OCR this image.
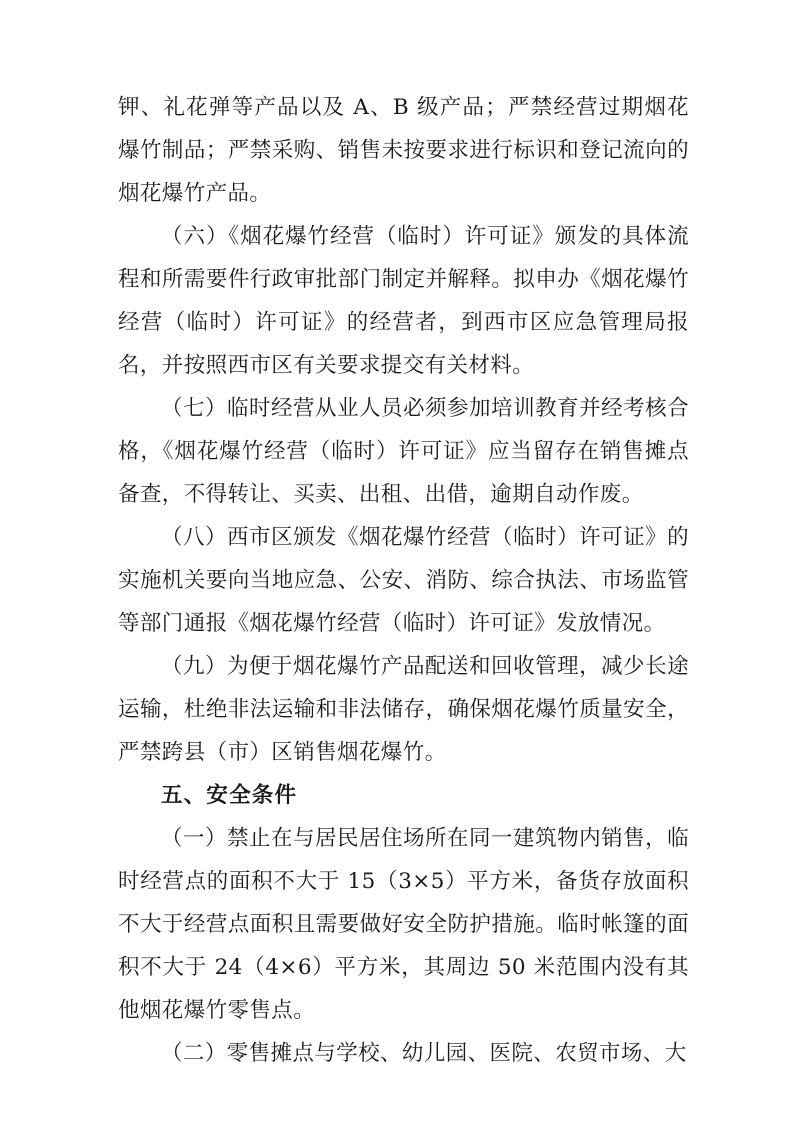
钾、礼花弹等产品以及 A、B 级产品；严禁经营过期烟花爆竹制品；严禁采购、销售未按要求进行标识和登记流向的烟花爆竹产品。

（六）《烟花爆竹经营（临时）许可证》颁发的具体流程和所需要件行政审批部门制定并解释。拟申办《烟花爆竹经营（临时）许可证》的经营者，到西市区应急管理局报名，并按照西市区有关要求提交有关材料。

（七）临时经营从业人员必须参加培训教育并经考核合格，《烟花爆竹经营（临时）许可证》应当留存在销售摊点备查，不得转让、买卖、出租、出借，逾期自动作废。

（八）西市区颁发《烟花爆竹经营（临时）许可证》的实施机关要向当地应急、公安、消防、综合执法、市场监管等部门通报《烟花爆竹经营（临时）许可证》发放情况。

（九）为便于烟花爆竹产品配送和回收管理，减少长途运输，杜绝非法运输和非法储存，确保烟花爆竹质量安全，严禁跨县（市）区销售烟花爆竹。

五、安全条件

（一）禁止在与居民居住场所在同一建筑物内销售，临时经营点的面积不大于 15（3×5）平方米，备货存放面积不大于经营点面积且需要做好安全防护措施。临时帐篷的面积不大于 24（4×6）平方米，其周边 50 米范围内没有其他烟花爆竹零售点。

（二）零售摊点与学校、幼儿园、医院、农贸市场、大
